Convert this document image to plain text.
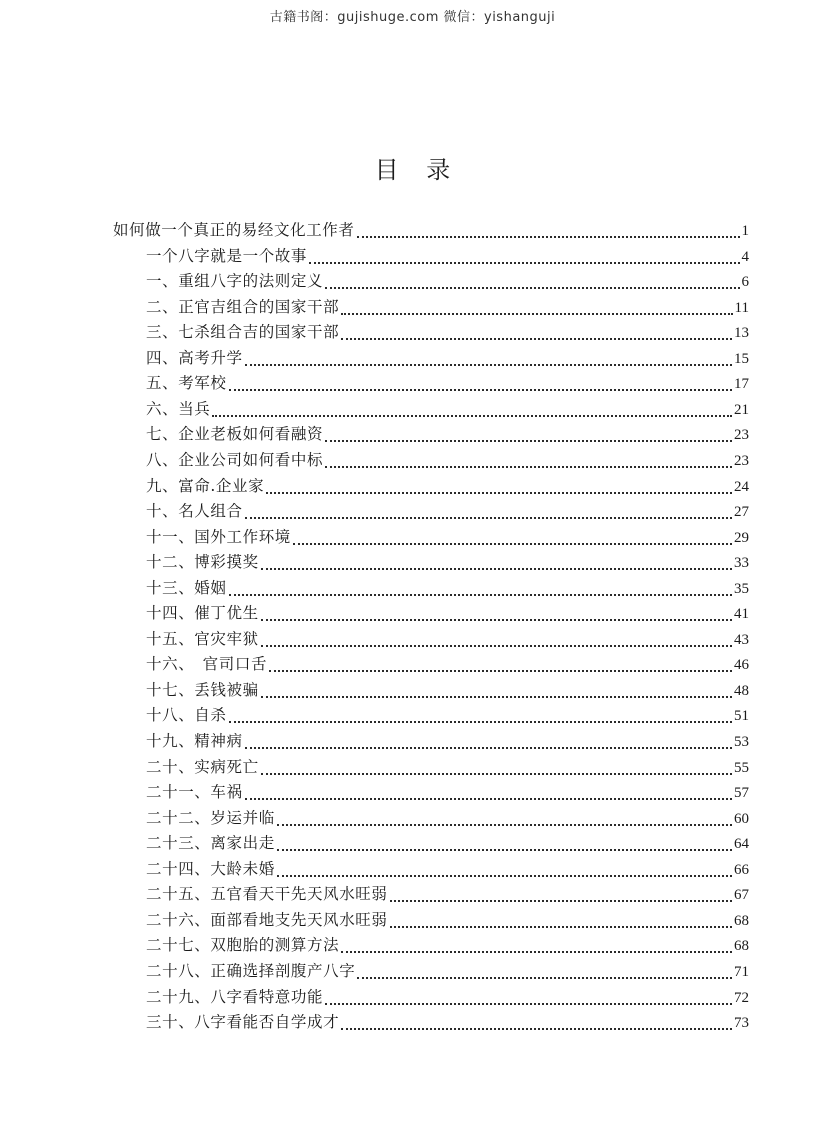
古籍书阁：gujishuge.com 微信：yishanguji
目 录
如何做一个真正的易经文化工作者	1
一个八字就是一个故事	4
一、重组八字的法则定义	6
二、正官吉组合的国家干部	11
三、七杀组合吉的国家干部	13
四、高考升学	15
五、考军校	17
六、当兵	21
七、企业老板如何看融资	23
八、企业公司如何看中标	23
九、富命.企业家	24
十、名人组合	27
十一、国外工作环境	29
十二、博彩摸奖	33
十三、婚姻	35
十四、催丁优生	41
十五、官灾牢狱	43
十六、　官司口舌	46
十七、丢钱被骗	48
十八、自杀	51
十九、精神病	53
二十、实病死亡	55
二十一、车祸	57
二十二、岁运并临	60
二十三、离家出走	64
二十四、大龄未婚	66
二十五、五官看天干先天风水旺弱	67
二十六、面部看地支先天风水旺弱	68
二十七、双胞胎的测算方法	68
二十八、正确选择剖腹产八字	71
二十九、八字看特意功能	72
三十、八字看能否自学成才	73
